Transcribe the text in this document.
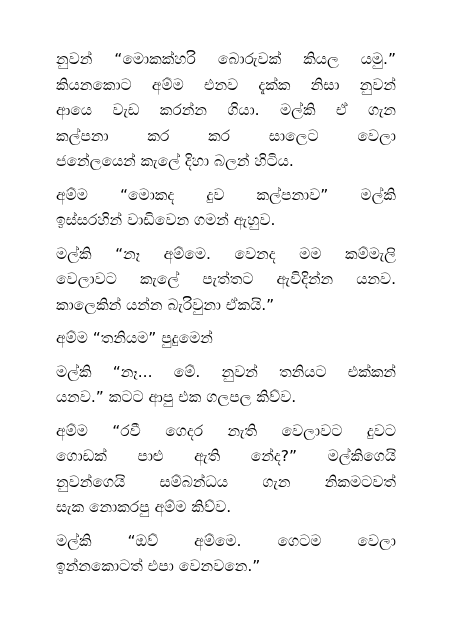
නුවන් “මොකක්හරි බොරුවක් කියල යමු.”
කියනකොට අම්ම එනව දැක්ක නිසා නුවන්
ආයෙ වැඩ කරන්න ගියා. මල්කි ඒ ගැන
කල්පනා කර කර සාලෙට වෙලා
ජනේලයෙන් කැලේ දිහා බලන් හිටිය.
අම්ම “මොකද දුව කල්පනාව” මල්කි
ඉස්සරහින් වාඩිවෙන ගමන් ඇහුව.
මල්කි “නෑ අම්මෙ. වෙනද මම කම්මැලි
වෙලාවට කැලේ පැත්තට ඇවිදින්න යනව.
කාලෙකින් යන්න බැරිවුනා ඒකයි.”
අම්ම “තනියම” පුදුමෙන්
මල්කි “නෑ... මේ. නුවන් තනියට එක්කන්
යනව.” කටට ආපු එක ගලපල කිව්ව.
අම්ම “රවී ගෙදර නැති වෙලාවට දුවට
ගොඩක් පාළු ඇති නේද?” මල්කිගෙයි
නුවන්ගෙයි සම්බන්ධය ගැන නිකමටවත්
සැක නොකරපු අම්ම කිව්ව.
මල්කි “ඔව් අම්මෙ. ගෙටම වෙලා
ඉන්නකොටත් එපා වෙනවනෙ.”
